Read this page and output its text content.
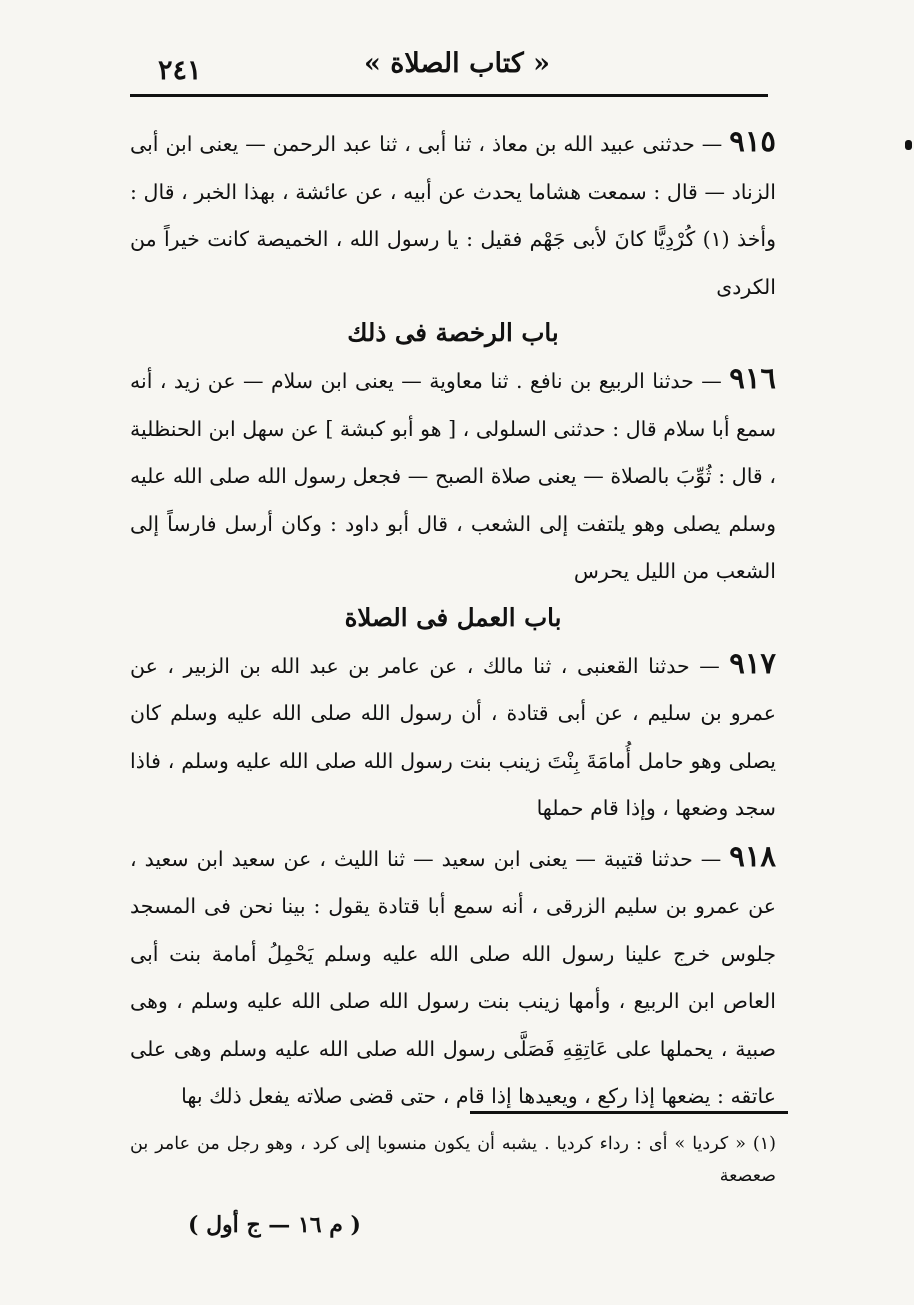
٢٤١	« كتاب الصلاة »

٩١٥ — حدثنى عبيد الله بن معاذ ، ثنا أبى ، ثنا عبد الرحمن — يعنى ابن أبى الزناد — قال : سمعت هشاما يحدث عن أبيه ، عن عائشة ، بهذا الخبر ، قال : وأخذ (١) كُرْدِيًّا كانَ لأبى جَهْم فقيل : يا رسول الله ، الخميصة كانت خيراً من الكردى

باب الرخصة فى ذلك

٩١٦ — حدثنا الربيع بن نافع . ثنا معاوية — يعنى ابن سلام — عن زيد ، أنه سمع أبا سلام قال : حدثنى السلولى ، [ هو أبو كبشة ] عن سهل ابن الحنظلية ، قال : ثُوِّبَ بالصلاة — يعنى صلاة الصبح — فجعل رسول الله صلى الله عليه وسلم يصلى وهو يلتفت إلى الشعب ، قال أبو داود : وكان أرسل فارساً إلى الشعب من الليل يحرس

باب العمل فى الصلاة

٩١٧ — حدثنا القعنبى ، ثنا مالك ، عن عامر بن عبد الله بن الزبير ، عن عمرو بن سليم ، عن أبى قتادة ، أن رسول الله صلى الله عليه وسلم كان يصلى وهو حامل أُمامَةَ بِنْتَ زينب بنت رسول الله صلى الله عليه وسلم ، فاذا سجد وضعها ، وإذا قام حملها

٩١٨ — حدثنا قتيبة — يعنى ابن سعيد — ثنا الليث ، عن سعيد ابن سعيد ، عن عمرو بن سليم الزرقى ، أنه سمع أبا قتادة يقول : بينا نحن فى المسجد جلوس خرج علينا رسول الله صلى الله عليه وسلم يَحْمِلُ أمامة بنت أبى العاص ابن الربيع ، وأمها زينب بنت رسول الله صلى الله عليه وسلم ، وهى صبية ، يحملها على عَاتِقِهِ فَصَلَّى رسول الله صلى الله عليه وسلم وهى على عاتقه : يضعها إذا ركع ، ويعيدها إذا قام ، حتى قضى صلاته يفعل ذلك بها

(١) « كرديا » أى : رداء كرديا . يشبه أن يكون منسوبا إلى كرد ، وهو رجل من عامر بن صعصعة
( م ١٦ — ج أول )
